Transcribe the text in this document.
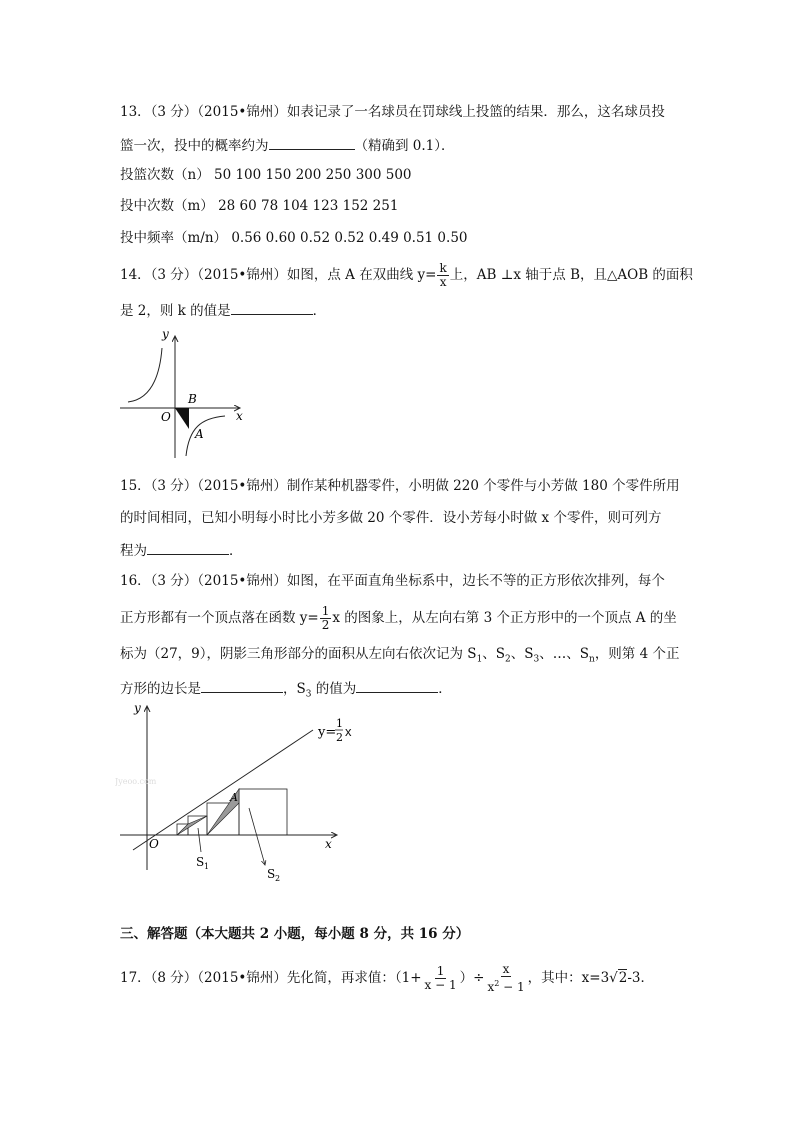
13．（3 分）（2015•锦州）如表记录了一名球员在罚球线上投篮的结果．那么，这名球员投
篮一次，投中的概率约为	（精确到 0.1）．
投篮次数（n） 50 100 150 200 250 300 500
投中次数（m） 28 60 78 104 123 152 251
投中频率（m/n） 0.56 0.60 0.52 0.52 0.49 0.51 0.50
14．（3 分）（2015•锦州）如图，点 A 在双曲线 $y= \frac{k}{x}$ 上，AB ⊥x 轴于点 B，且△AOB 的面积
是 2，则 k 的值是	．
y
x
O
B
A
15．（3 分）（2015•锦州）制作某种机器零件，小明做 220 个零件与小芳做 180 个零件所用
的时间相同，已知小明每小时比小芳多做 20 个零件．设小芳每小时做 x 个零件，则可列方
程为	．
16．（3 分）（2015•锦州）如图，在平面直角坐标系中，边长不等的正方形依次排列，每个
正方形都有一个顶点落在函数 $y= \frac{1}{2}$ x 的图象上，从左向右第 3 个正方形中的一个顶点 A 的坐
标为（27，9），阴影三角形部分的面积从左向右依次记为 $S_1$、$S_2$、$S_3$、…、$S_n$，则第 4 个正
方形的边长是	，$S_3$ 的值为	．
y
x
O
A
Jyeoo.com
y=
1
2
S 1
S 2
x
三、解答题（本大题共 2 小题，每小题 8 分，共 16 分）
17．（8 分）（2015•锦州）先化简，再求值：（$1+ \frac{1}{x - 1}$ ）÷ $\frac{x}{x^2 - 1}$ ，其中：x=3√2-3．
